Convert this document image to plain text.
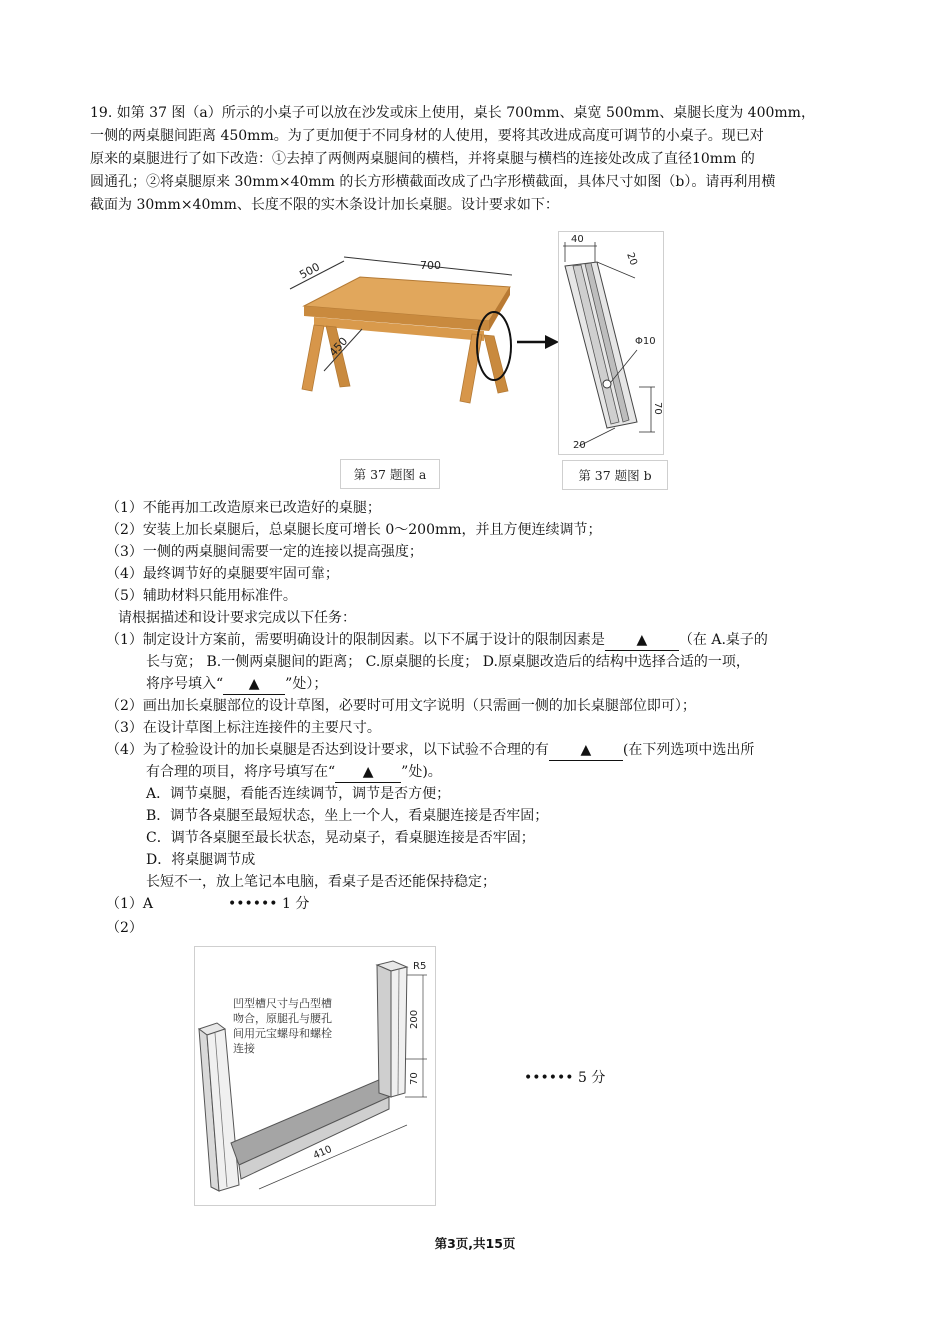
19. 如第 37 图（a）所示的小桌子可以放在沙发或床上使用，桌长 700mm、桌宽 500mm、桌腿长度为 400mm，
一侧的两桌腿间距离 450mm。为了更加便于不同身材的人使用，要将其改进成高度可调节的小桌子。现已对
原来的桌腿进行了如下改造：①去掉了两侧两桌腿间的横档，并将桌腿与横档的连接处改成了直径10mm 的
圆通孔；②将桌腿原来 30mm×40mm 的长方形横截面改成了凸字形横截面，具体尺寸如图（b）。请再利用横
截面为 30mm×40mm、长度不限的实木条设计加长桌腿。设计要求如下：
500	700
450
40
20
Φ10
70
20
第 37 题图 a	第 37 题图 b
（1）不能再加工改造原来已改造好的桌腿；
（2）安装上加长桌腿后，总桌腿长度可增长 0～200mm，并且方便连续调节；
（3）一侧的两桌腿间需要一定的连接以提高强度；
（4）最终调节好的桌腿要牢固可靠；
（5）辅助材料只能用标准件。
请根据描述和设计要求完成以下任务：
（1）制定设计方案前，需要明确设计的限制因素。以下不属于设计的限制因素是 ▲ （在 A.桌子的
长与宽； B.一侧两桌腿间的距离； C.原桌腿的长度； D.原桌腿改造后的结构中选择合适的一项，
将序号填入“ ▲ ”处）；
（2）画出加长桌腿部位的设计草图，必要时可用文字说明（只需画一侧的加长桌腿部位即可）；
（3）在设计草图上标注连接件的主要尺寸。
（4）为了检验设计的加长桌腿是否达到设计要求，以下试验不合理的有 ▲ (在下列选项中选出所
有合理的项目，将序号填写在“ ▲ ”处)。
A．调节桌腿，看能否连续调节，调节是否方便；
B．调节各桌腿至最短状态，坐上一个人，看桌腿连接是否牢固；
C．调节各桌腿至最长状态，晃动桌子，看桌腿连接是否牢固；
D．将桌腿调节成
长短不一，放上笔记本电脑，看桌子是否还能保持稳定；
（1）A	•••••• 1 分
（2）
凹型槽尺寸与凸型槽 吻合，原腿孔与腰孔 间用元宝螺母和螺栓 连接
R5
200
70
410
•••••• 5 分
第3页,共15页
